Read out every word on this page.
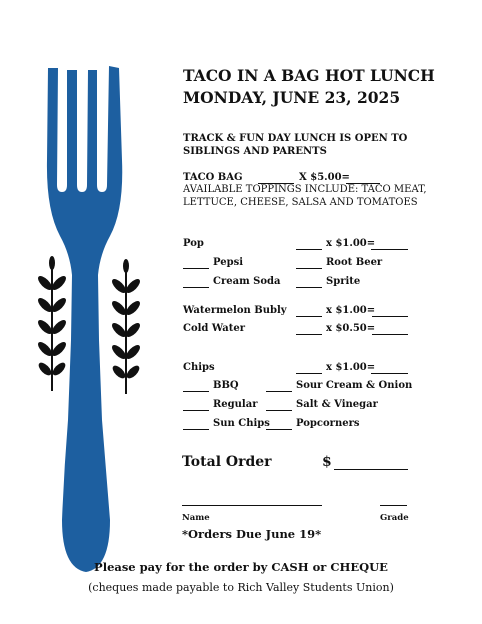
TACO IN A BAG HOT LUNCH
MONDAY, JUNE 23, 2025
TRACK & FUN DAY LUNCH IS OPEN TO
SIBLINGS AND PARENTS
TACO BAG	X $5.00=
AVAILABLE TOPPINGS INCLUDE: TACO MEAT,
LETTUCE, CHEESE, SALSA AND TOMATOES
Pop	x $1.00=
Pepsi	Root Beer
Cream Soda	Sprite
Watermelon Bubly	x $1.00=
Cold Water	x $0.50=
Chips	x $1.00=
BBQ	Sour Cream & Onion
Regular	Salt & Vinegar
Sun Chips	Popcorners
Total Order	$
Name	Grade
*Orders Due June 19*
Please pay for the order by CASH or CHEQUE
(cheques made payable to Rich Valley Students Union)
